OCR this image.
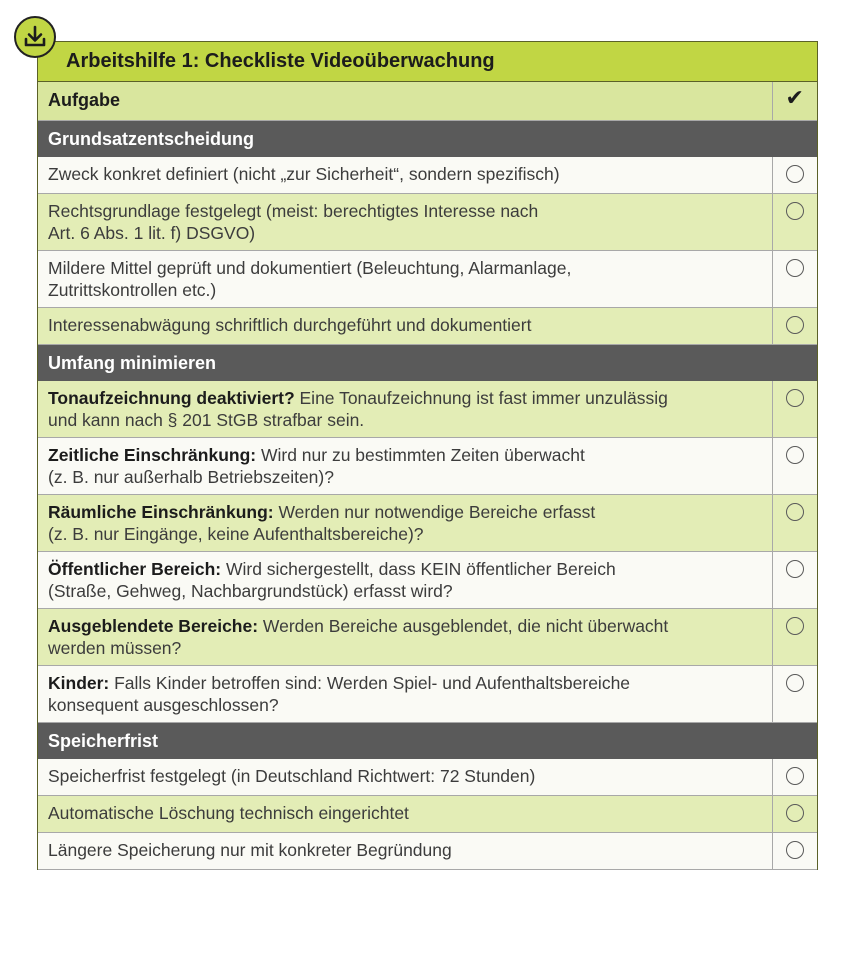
Arbeitshilfe 1: Checkliste Videoüberwachung
Aufgabe	✔
Grundsatzentscheidung	
Zweck konkret definiert (nicht „zur Sicherheit“, sondern spezifisch)	
Rechtsgrundlage festgelegt (meist: berechtigtes Interesse nach
Art. 6 Abs. 1 lit. f) DSGVO)	
Mildere Mittel geprüft und dokumentiert (Beleuchtung, Alarmanlage,
Zutrittskontrollen etc.)	
Interessenabwägung schriftlich durchgeführt und dokumentiert	
Umfang minimieren	
Tonaufzeichnung deaktiviert? Eine Tonaufzeichnung ist fast immer unzulässig
und kann nach § 201 StGB strafbar sein.	
Zeitliche Einschränkung: Wird nur zu bestimmten Zeiten überwacht
(z. B. nur außerhalb Betriebszeiten)?	
Räumliche Einschränkung: Werden nur notwendige Bereiche erfasst
(z. B. nur Eingänge, keine Aufenthaltsbereiche)?	
Öffentlicher Bereich: Wird sichergestellt, dass KEIN öffentlicher Bereich
(Straße, Gehweg, Nachbargrundstück) erfasst wird?	
Ausgeblendete Bereiche: Werden Bereiche ausgeblendet, die nicht überwacht
werden müssen?	
Kinder: Falls Kinder betroffen sind: Werden Spiel- und Aufenthaltsbereiche
konsequent ausgeschlossen?	
Speicherfrist	
Speicherfrist festgelegt (in Deutschland Richtwert: 72 Stunden)	
Automatische Löschung technisch eingerichtet	
Längere Speicherung nur mit konkreter Begründung	
